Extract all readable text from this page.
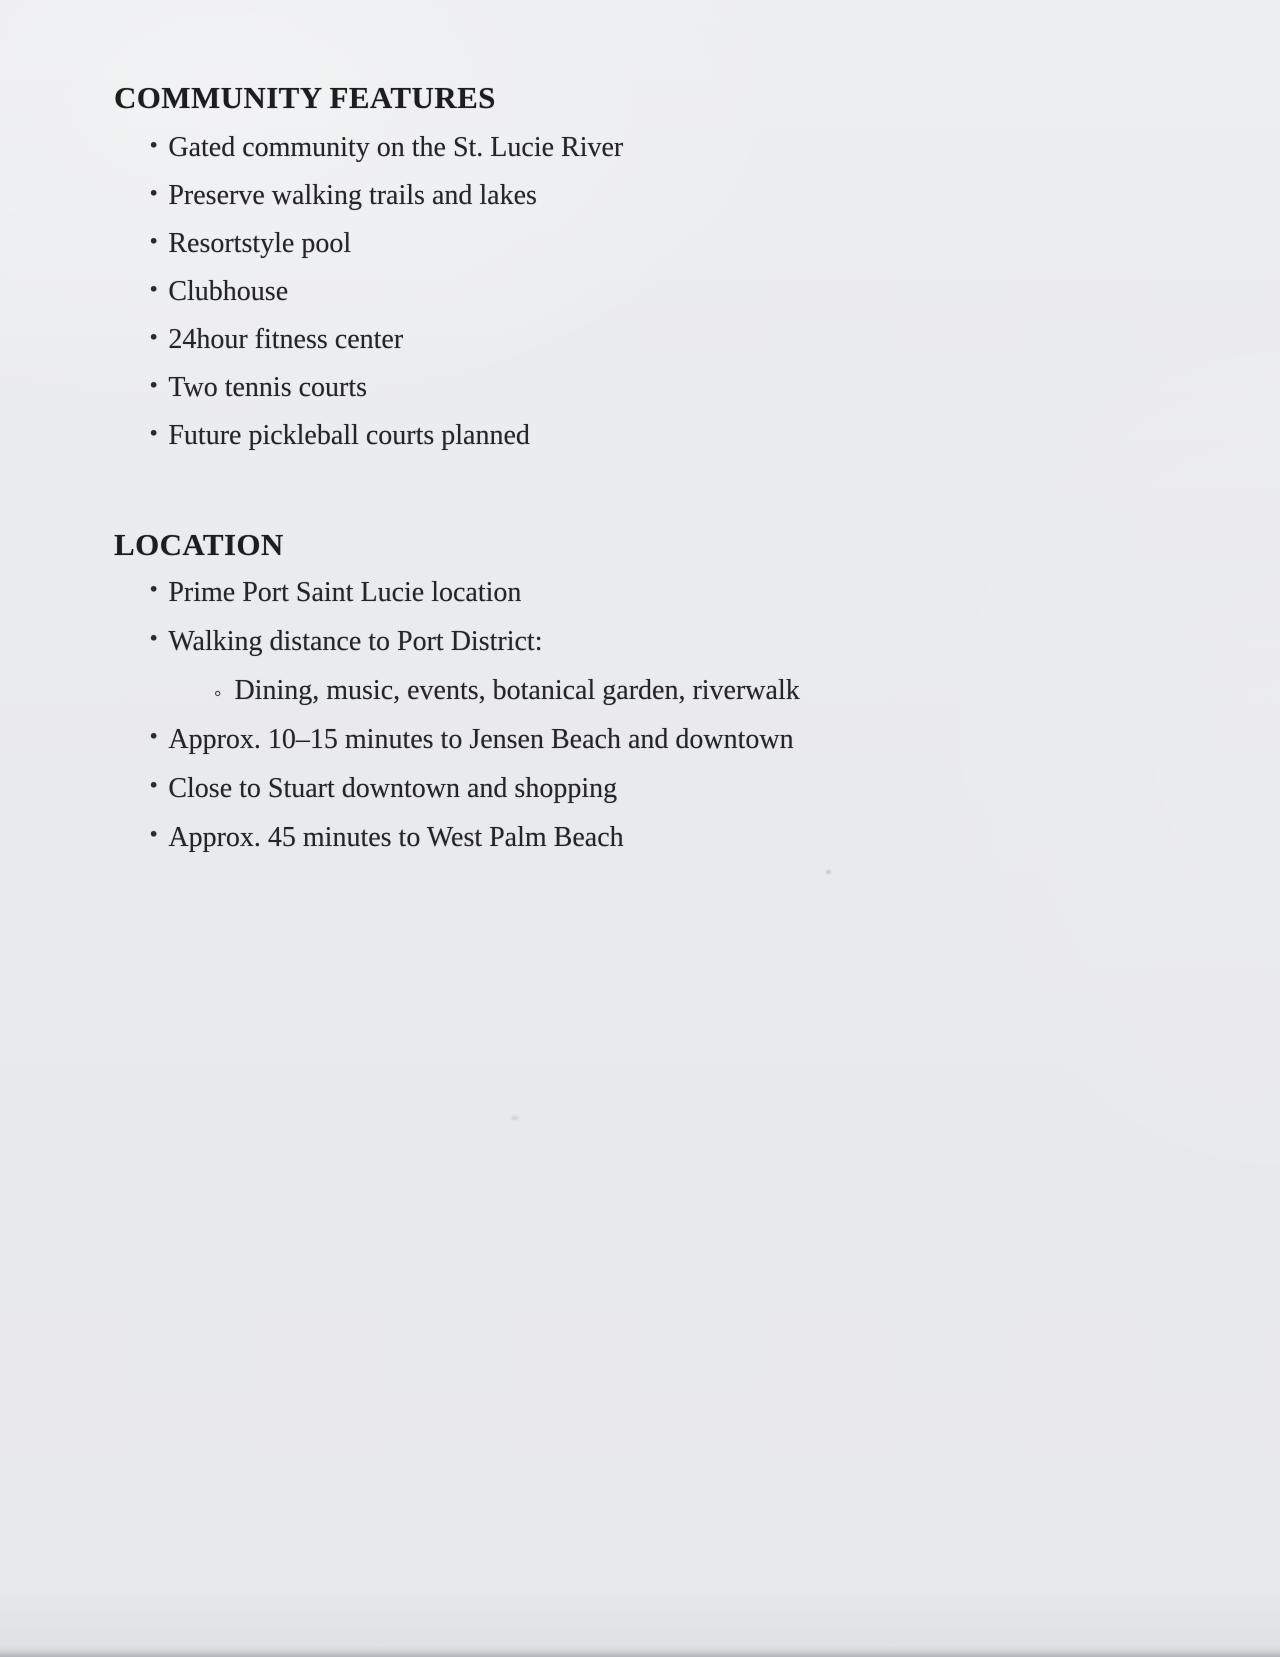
COMMUNITY FEATURES
·
Gated community on the St. Lucie River
·
Preserve walking trails and lakes
·
Resortstyle pool
·
Clubhouse
·
24hour fitness center
·
Two tennis courts
·
Future pickleball courts planned
LOCATION
·
Prime Port Saint Lucie location
·
Walking distance to Port District:
◦
Dining, music, events, botanical garden, riverwalk
·
Approx. 10–15 minutes to Jensen Beach and downtown
·
Close to Stuart downtown and shopping
·
Approx. 45 minutes to West Palm Beach
